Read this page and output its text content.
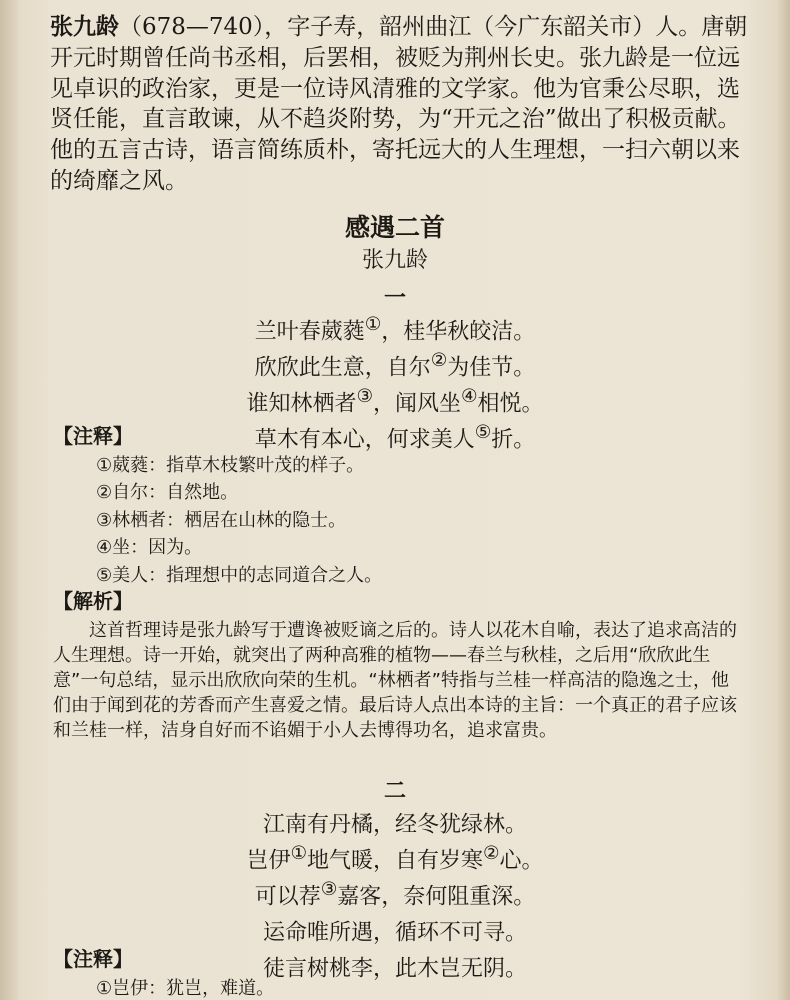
张九龄（678—740），字子寿，韶州曲江（今广东韶关市）人。唐朝开元时期曾任尚书丞相，后罢相，被贬为荆州长史。张九龄是一位远见卓识的政治家，更是一位诗风清雅的文学家。他为官秉公尽职，选贤任能，直言敢谏，从不趋炎附势，为“开元之治”做出了积极贡献。他的五言古诗，语言简练质朴，寄托远大的人生理想，一扫六朝以来的绮靡之风。

感遇二首
张九龄
一
兰叶春葳蕤①，桂华秋皎洁。
欣欣此生意，自尔②为佳节。
谁知林栖者③，闻风坐④相悦。
草木有本心，何求美人⑤折。
【注释】
①葳蕤：指草木枝繁叶茂的样子。
②自尔：自然地。
③林栖者：栖居在山林的隐士。
④坐：因为。
⑤美人：指理想中的志同道合之人。
【解析】

这首哲理诗是张九龄写于遭谗被贬谪之后的。诗人以花木自喻，表达了追求高洁的人生理想。诗一开始，就突出了两种高雅的植物——春兰与秋桂，之后用“欣欣此生意”一句总结，显示出欣欣向荣的生机。“林栖者”特指与兰桂一样高洁的隐逸之士，他们由于闻到花的芳香而产生喜爱之情。最后诗人点出本诗的主旨：一个真正的君子应该和兰桂一样，洁身自好而不谄媚于小人去博得功名，追求富贵。

二
江南有丹橘，经冬犹绿林。
岂伊①地气暖，自有岁寒②心。
可以荐③嘉客，奈何阻重深。
运命唯所遇，循环不可寻。
徒言树桃李，此木岂无阴。
【注释】
①岂伊：犹岂，难道。
